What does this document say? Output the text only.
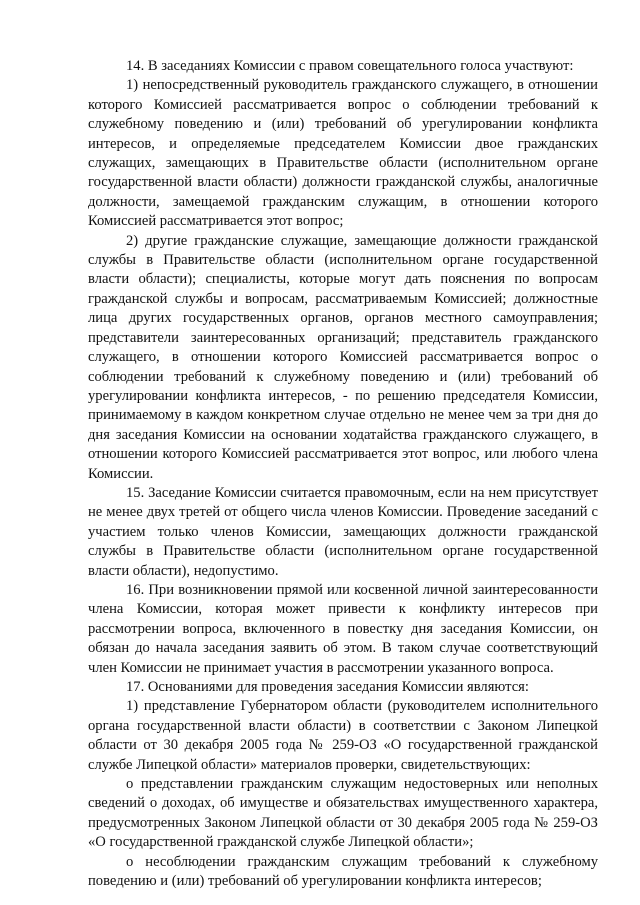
14. В заседаниях Комиссии с правом совещательного голоса участвуют:

1) непосредственный руководитель гражданского служащего, в отношении которого Комиссией рассматривается вопрос о соблюдении требований к служебному поведению и (или) требований об урегулировании конфликта интересов, и определяемые председателем Комиссии двое гражданских служащих, замещающих в Правительстве области (исполнительном органе государственной власти области) должности гражданской службы, аналогичные должности, замещаемой гражданским служащим, в отношении которого Комиссией рассматривается этот вопрос;

2) другие гражданские служащие, замещающие должности гражданской службы в Правительстве области (исполнительном органе государственной власти области); специалисты, которые могут дать пояснения по вопросам гражданской службы и вопросам, рассматриваемым Комиссией; должностные лица других государственных органов, органов местного самоуправления; представители заинтересованных организаций; представитель гражданского служащего, в отношении которого Комиссией рассматривается вопрос о соблюдении требований к служебному поведению и (или) требований об урегулировании конфликта интересов, - по решению председателя Комиссии, принимаемому в каждом конкретном случае отдельно не менее чем за три дня до дня заседания Комиссии на основании ходатайства гражданского служащего, в отношении которого Комиссией рассматривается этот вопрос, или любого члена Комиссии.

15. Заседание Комиссии считается правомочным, если на нем присутствует не менее двух третей от общего числа членов Комиссии. Проведение заседаний с участием только членов Комиссии, замещающих должности гражданской службы в Правительстве области (исполнительном органе государственной власти области), недопустимо.

16. При возникновении прямой или косвенной личной заинтересованности члена Комиссии, которая может привести к конфликту интересов при рассмотрении вопроса, включенного в повестку дня заседания Комиссии, он обязан до начала заседания заявить об этом. В таком случае соответствующий член Комиссии не принимает участия в рассмотрении указанного вопроса.

17. Основаниями для проведения заседания Комиссии являются:

1) представление Губернатором области (руководителем исполнительного органа государственной власти области) в соответствии с Законом Липецкой области от 30 декабря 2005 года № 259-ОЗ «О государственной гражданской службе Липецкой области» материалов проверки, свидетельствующих:

о представлении гражданским служащим недостоверных или неполных сведений о доходах, об имуществе и обязательствах имущественного характера, предусмотренных Законом Липецкой области от 30 декабря 2005 года № 259-ОЗ «О государственной гражданской службе Липецкой области»;

о несоблюдении гражданским служащим требований к служебному поведению и (или) требований об урегулировании конфликта интересов;
